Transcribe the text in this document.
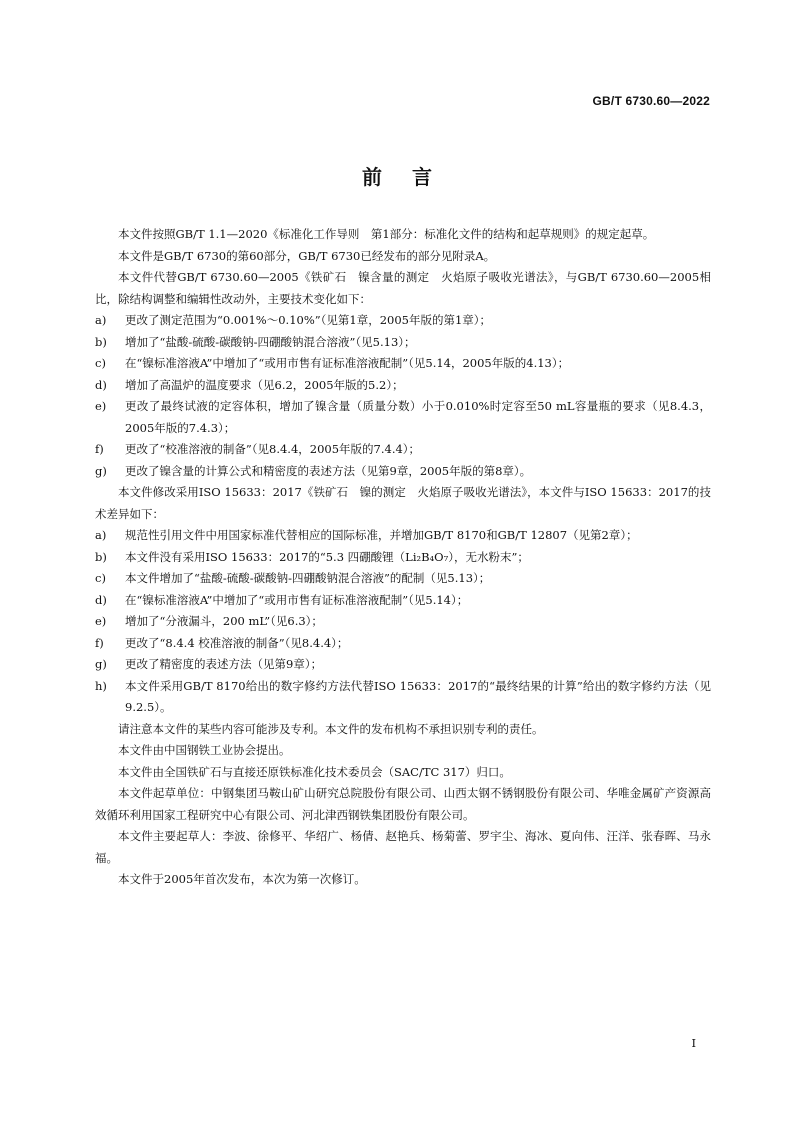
GB/T 6730.60—2022
前言

本文件按照GB/T 1.1—2020《标准化工作导则　第1部分：标准化文件的结构和起草规则》的规定起草。

本文件是GB/T 6730的第60部分，GB/T 6730已经发布的部分见附录A。

本文件代替GB/T 6730.60—2005《铁矿石　镍含量的测定　火焰原子吸收光谱法》，与GB/T 6730.60—2005相比，除结构调整和编辑性改动外，主要技术变化如下：

a)	更改了测定范围为“0.001%～0.10%”（见第1章，2005年版的第1章）；
b)	增加了“盐酸-硫酸-碳酸钠-四硼酸钠混合溶液”（见5.13）；
c)	在“镍标准溶液A”中增加了“或用市售有证标准溶液配制”（见5.14，2005年版的4.13）；
d)	增加了高温炉的温度要求（见6.2，2005年版的5.2）；
e)	更改了最终试液的定容体积，增加了镍含量（质量分数）小于0.010%时定容至50 mL容量瓶的要求（见8.4.3，2005年版的7.4.3）；
f)	更改了“校准溶液的制备”（见8.4.4，2005年版的7.4.4）；
g)	更改了镍含量的计算公式和精密度的表述方法（见第9章，2005年版的第8章）。

本文件修改采用ISO 15633：2017《铁矿石　镍的测定　火焰原子吸收光谱法》，本文件与ISO 15633：2017的技术差异如下：

a)	规范性引用文件中用国家标准代替相应的国际标准，并增加GB/T 8170和GB/T 12807（见第2章）；
b)	本文件没有采用ISO 15633：2017的“5.3 四硼酸锂（Li₂B₄O₇），无水粉末”；
c)	本文件增加了“盐酸-硫酸-碳酸钠-四硼酸钠混合溶液”的配制（见5.13）；
d)	在“镍标准溶液A”中增加了“或用市售有证标准溶液配制”（见5.14）；
e)	增加了“分液漏斗，200 mL”（见6.3）；
f)	更改了“8.4.4 校准溶液的制备”（见8.4.4）；
g)	更改了精密度的表述方法（见第9章）；
h)	本文件采用GB/T 8170给出的数字修约方法代替ISO 15633：2017的“最终结果的计算”给出的数字修约方法（见9.2.5）。

请注意本文件的某些内容可能涉及专利。本文件的发布机构不承担识别专利的责任。

本文件由中国钢铁工业协会提出。

本文件由全国铁矿石与直接还原铁标准化技术委员会（SAC/TC 317）归口。

本文件起草单位：中钢集团马鞍山矿山研究总院股份有限公司、山西太钢不锈钢股份有限公司、华唯金属矿产资源高效循环利用国家工程研究中心有限公司、河北津西钢铁集团股份有限公司。

本文件主要起草人：李波、徐修平、华绍广、杨倩、赵艳兵、杨菊蕾、罗宇尘、海冰、夏向伟、汪洋、张春晖、马永福。

本文件于2005年首次发布，本次为第一次修订。

I
